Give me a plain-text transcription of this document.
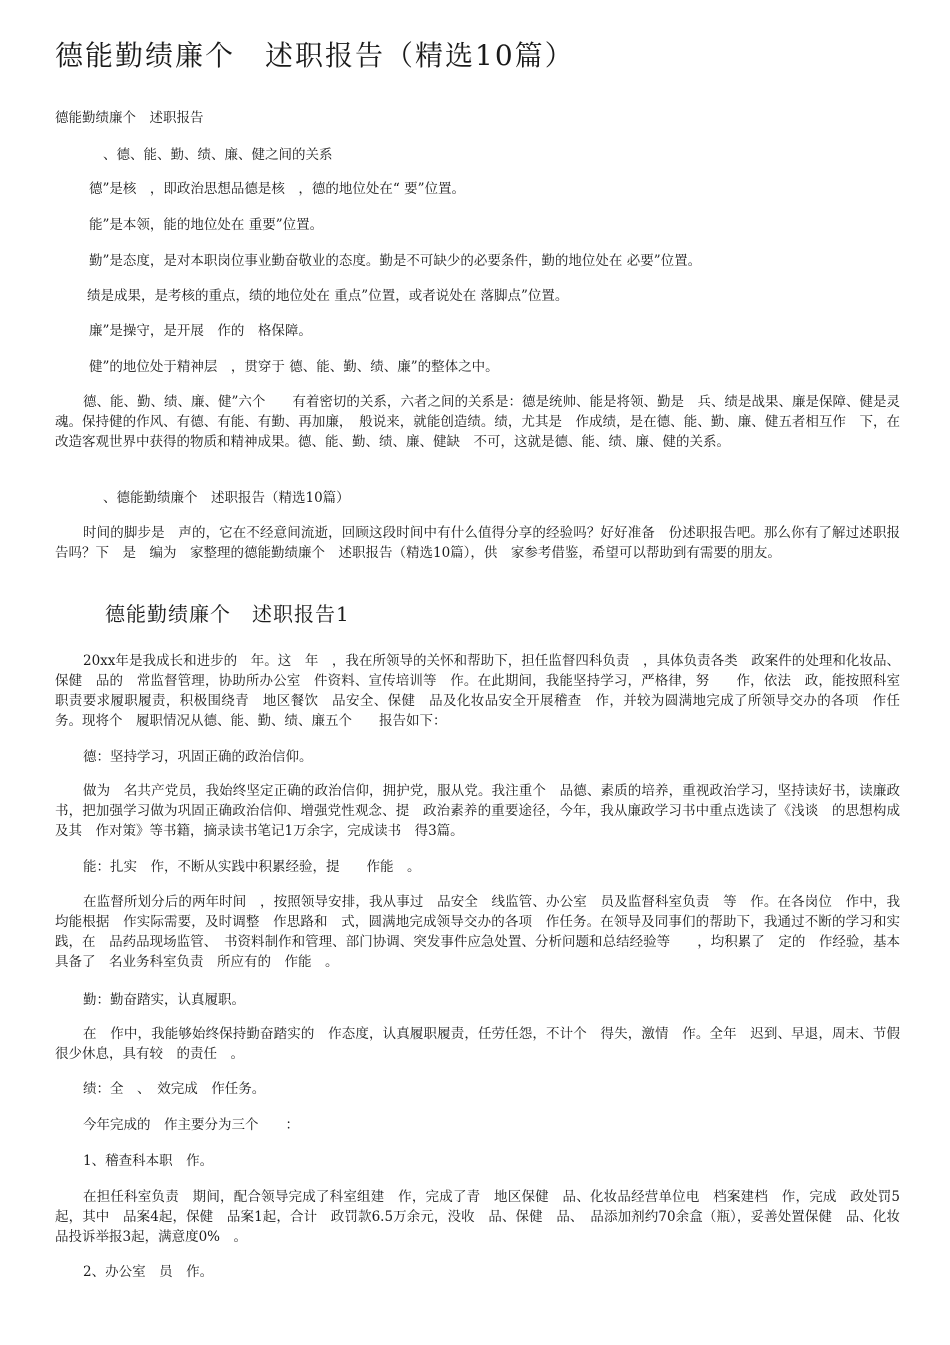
德能勤绩廉个　述职报告（精选10篇）

德能勤绩廉个　述职报告

、德、能、勤、绩、廉、健之间的关系

德”是核　，即政治思想品德是核　，德的地位处在“ 要”位置。

能”是本领，能的地位处在 重要”位置。

勤”是态度，是对本职岗位事业勤奋敬业的态度。勤是不可缺少的必要条件，勤的地位处在 必要”位置。

绩是成果，是考核的重点，绩的地位处在 重点”位置，或者说处在 落脚点”位置。

廉”是操守，是开展　作的　格保障。

健”的地位处于精神层　，贯穿于 德、能、勤、绩、廉”的整体之中。

德、能、勤、绩、廉、健”六个　　有着密切的关系，六者之间的关系是：德是统帅、能是将领、勤是　兵、绩是战果、廉是保障、健是灵魂。保持健的作风、有德、有能、有勤、再加廉，　般说来，就能创造绩。绩，尤其是　作成绩，是在德、能、勤、廉、健五者相互作　下，在改造客观世界中获得的物质和精神成果。德、能、勤、绩、廉、健缺　不可，这就是德、能、绩、廉、健的关系。

、德能勤绩廉个　述职报告（精选10篇）

时间的脚步是　声的，它在不经意间流逝，回顾这段时间中有什么值得分享的经验吗？好好准备　份述职报告吧。那么你有了解过述职报告吗？下　是　编为　家整理的德能勤绩廉个　述职报告（精选10篇），供　家参考借鉴，希望可以帮助到有需要的朋友。

德能勤绩廉个　述职报告1

20xx年是我成长和进步的　年。这　年　，我在所领导的关怀和帮助下，担任监督四科负责　，具体负责各类　政案件的处理和化妆品、保健　品的　常监督管理，协助所办公室　件资料、宣传培训等　作。在此期间，我能坚持学习，严格律，努　　作，依法　政，能按照科室职责要求履职履责，积极围绕青　地区餐饮　品安全、保健　品及化妆品安全开展稽查　作，并较为圆满地完成了所领导交办的各项　作任务。现将个　履职情况从德、能、勤、绩、廉五个　　报告如下：

德：坚持学习，巩固正确的政治信仰。

做为　名共产党员，我始终坚定正确的政治信仰，拥护党，服从党。我注重个　品德、素质的培养，重视政治学习，坚持读好书，读廉政书，把加强学习做为巩固正确政治信仰、增强党性观念、提　政治素养的重要途径，今年，我从廉政学习书中重点选读了《浅谈　的思想构成及其　作对策》等书籍，摘录读书笔记1万余字，完成读书　得3篇。

能：扎实　作，不断从实践中积累经验，提　　作能　。

在监督所划分后的两年时间　，按照领导安排，我从事过　品安全　线监管、办公室　员及监督科室负责　等　作。在各岗位　作中，我均能根据　作实际需要，及时调整　作思路和　式，圆满地完成领导交办的各项　作任务。在领导及同事们的帮助下，我通过不断的学习和实践，在　品药品现场监管、　书资料制作和管理、部门协调、突发事件应急处置、分析问题和总结经验等　　，均积累了　定的　作经验，基本具备了　名业务科室负责　所应有的　作能　。

勤：勤奋踏实，认真履职。

在　作中，我能够始终保持勤奋踏实的　作态度，认真履职履责，任劳任怨，不计个　得失，激情　作。全年　迟到、早退，周末、节假　很少休息，具有较　的责任　。

绩：全　、　效完成　作任务。

今年完成的　作主要分为三个　　：

1、稽查科本职　作。

在担任科室负责　期间，配合领导完成了科室组建　作，完成了青　地区保健　品、化妆品经营单位电　档案建档　作，完成　政处罚5起，其中　品案4起，保健　品案1起，合计　政罚款6.5万余元，没收　品、保健　品、　品添加剂约70余盒（瓶），妥善处置保健　品、化妆品投诉举报3起，满意度0%　。

2、办公室　员　作。
